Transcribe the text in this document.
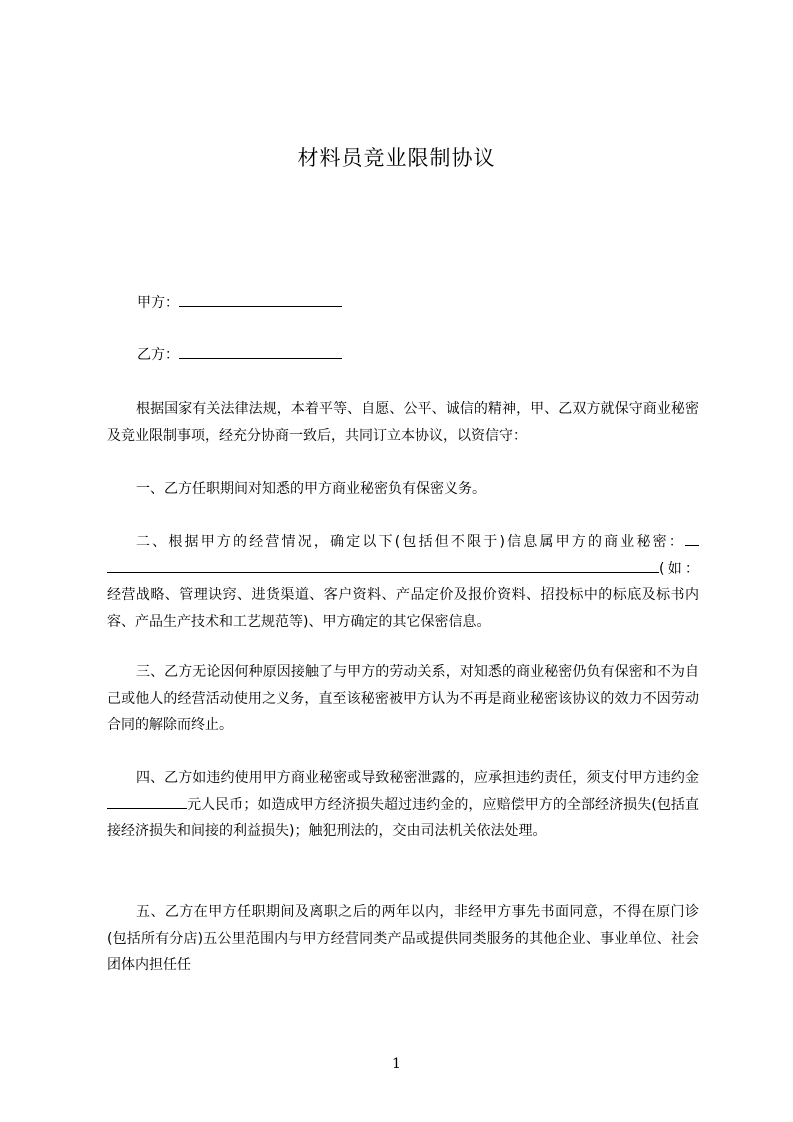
材料员竞业限制协议
甲方：
乙方：
根据国家有关法律法规，本着平等、自愿、公平、诚信的精神，甲、乙双方就保守商业秘密及竞业限制事项，经充分协商一致后，共同订立本协议，以资信守：
一、乙方任职期间对知悉的甲方商业秘密负有保密义务。
二、根据甲方的经营情况，确定以下(包括但不限于)信息属甲方的商业秘密：(如：经营战略、管理诀窍、进货渠道、客户资料、产品定价及报价资料、招投标中的标底及标书内容、产品生产技术和工艺规范等)、甲方确定的其它保密信息。
三、乙方无论因何种原因接触了与甲方的劳动关系，对知悉的商业秘密仍负有保密和不为自己或他人的经营活动使用之义务，直至该秘密被甲方认为不再是商业秘密该协议的效力不因劳动合同的解除而终止。
四、乙方如违约使用甲方商业秘密或导致秘密泄露的，应承担违约责任，须支付甲方违约金元人民币；如造成甲方经济损失超过违约金的，应赔偿甲方的全部经济损失(包括直接经济损失和间接的利益损失)；触犯刑法的，交由司法机关依法处理。
五、乙方在甲方任职期间及离职之后的两年以内，非经甲方事先书面同意，不得在原门诊(包括所有分店)五公里范围内与甲方经营同类产品或提供同类服务的其他企业、事业单位、社会团体内担任任
1
